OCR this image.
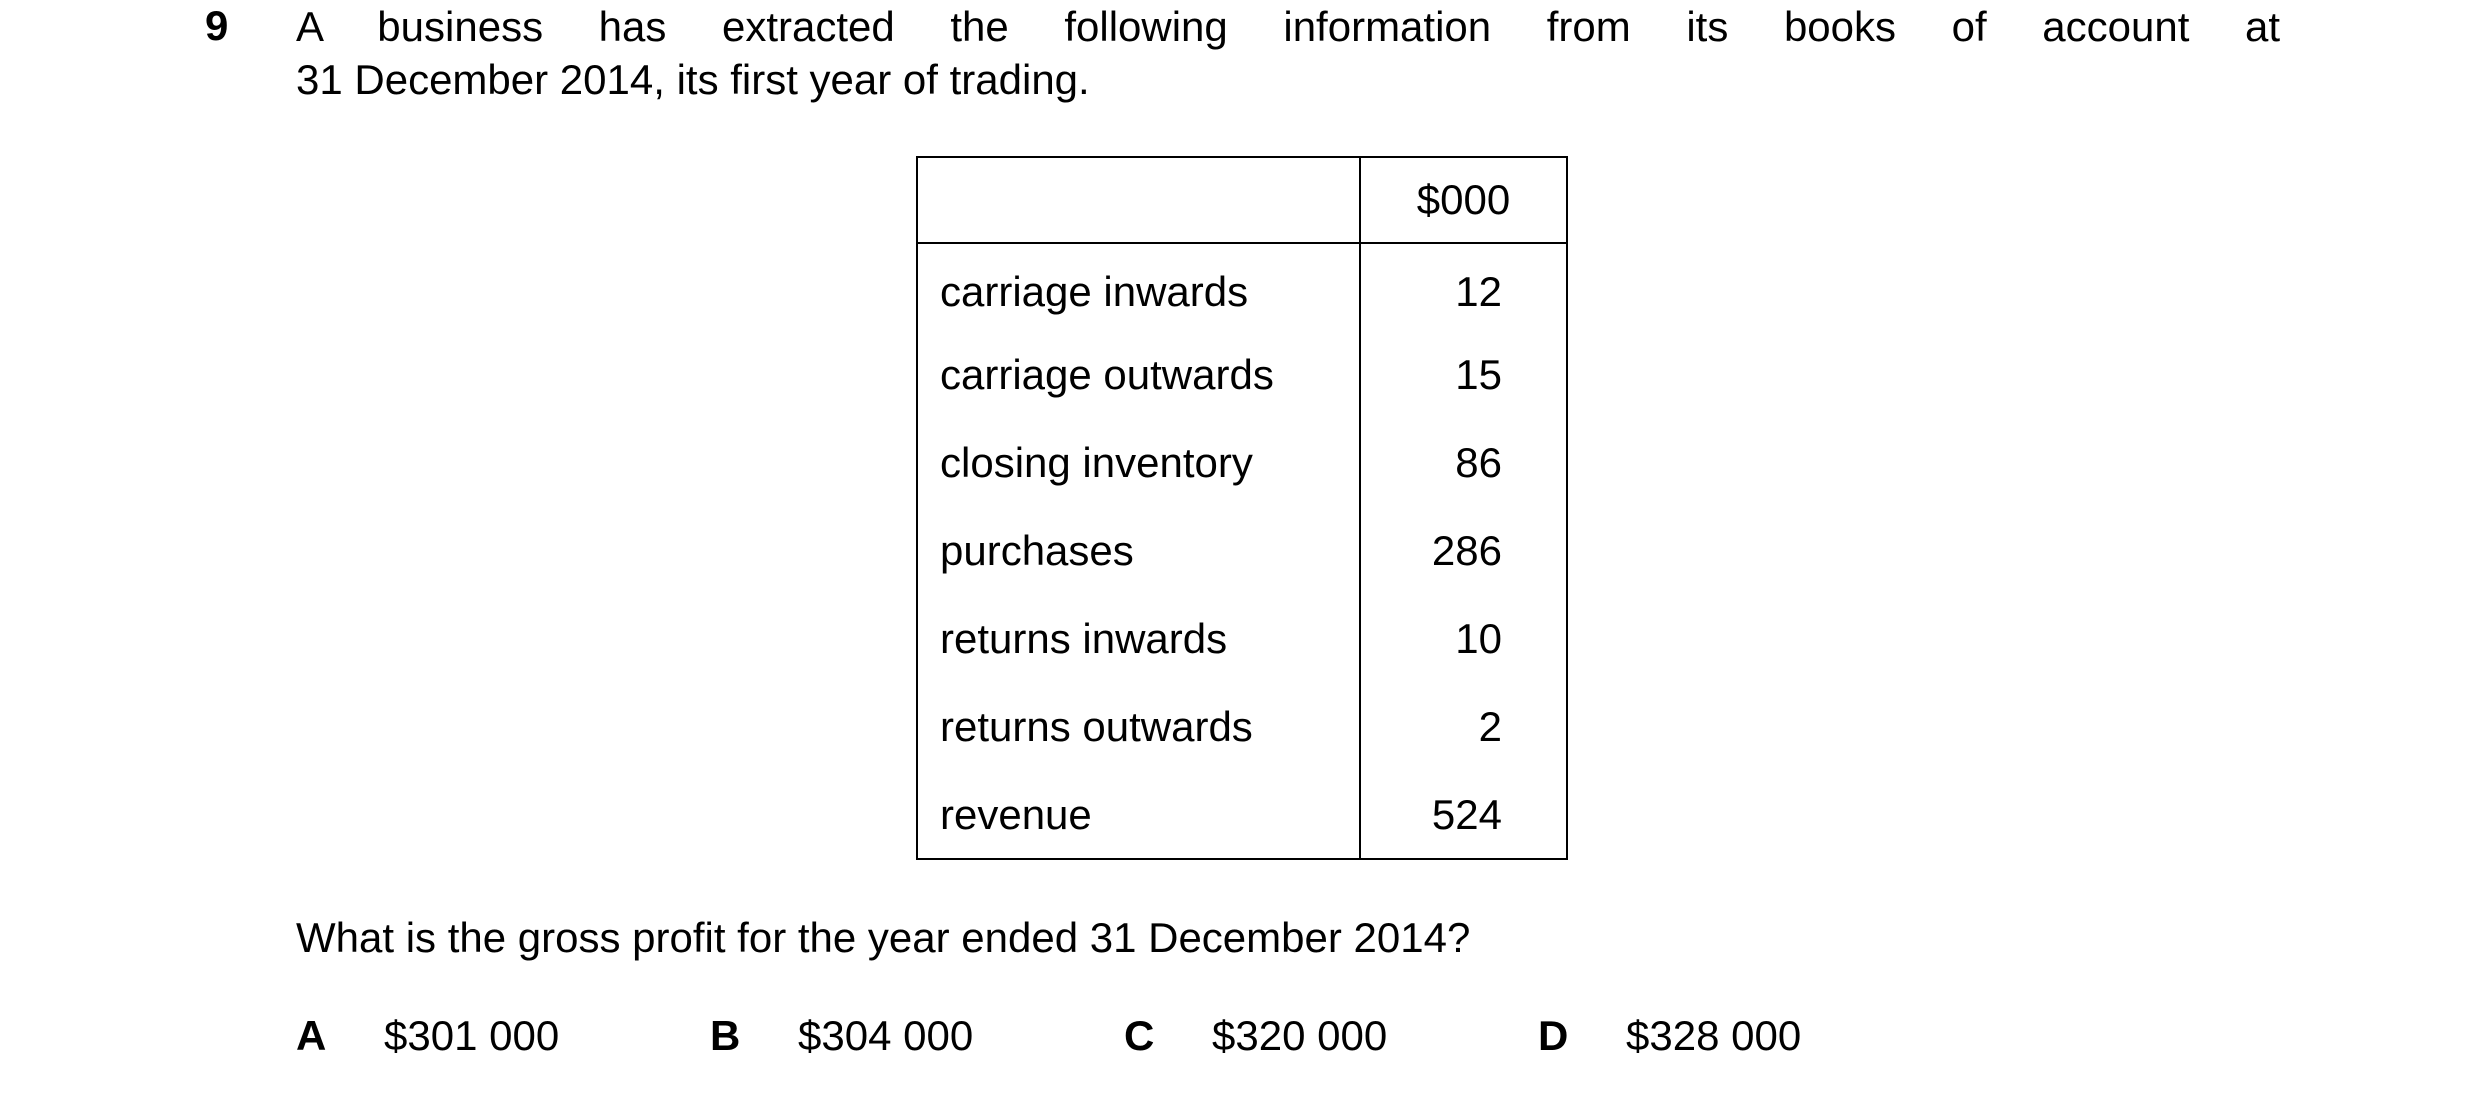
9 A business has extracted the following information from its books of account at
31 December 2014, its first year of trading.
	$000
carriage inwards	12
carriage outwards	15
closing inventory	86
purchases	286
returns inwards	10
returns outwards	2
revenue	524
What is the gross profit for the year ended 31 December 2014?
A $301 000	B $304 000	C $320 000	D $328 000
